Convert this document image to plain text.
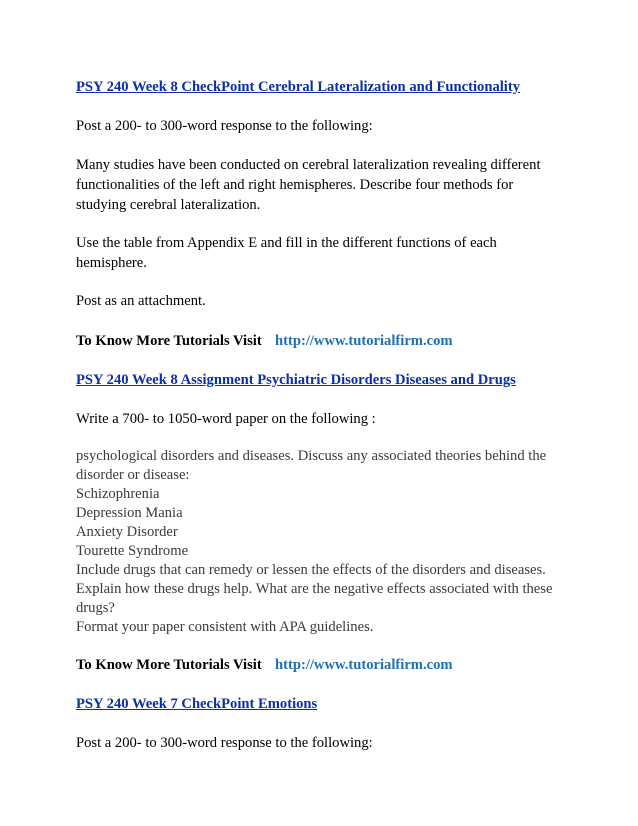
PSY 240 Week 8 CheckPoint Cerebral Lateralization and Functionality
Post a 200- to 300-word response to the following:
Many studies have been conducted on cerebral lateralization revealing different
functionalities of the left and right hemispheres. Describe four methods for
studying cerebral lateralization.
Use the table from Appendix E and fill in the different functions of each
hemisphere.
Post as an attachment.
To Know More Tutorials Visit http://www.tutorialfirm.com
PSY 240 Week 8 Assignment Psychiatric Disorders Diseases and Drugs
Write a 700- to 1050-word paper on the following :
psychological disorders and diseases. Discuss any associated theories behind the
disorder or disease:
Schizophrenia
Depression Mania
Anxiety Disorder
Tourette Syndrome
Include drugs that can remedy or lessen the effects of the disorders and diseases.
Explain how these drugs help. What are the negative effects associated with these
drugs?
Format your paper consistent with APA guidelines.
To Know More Tutorials Visit http://www.tutorialfirm.com
PSY 240 Week 7 CheckPoint Emotions
Post a 200- to 300-word response to the following:
